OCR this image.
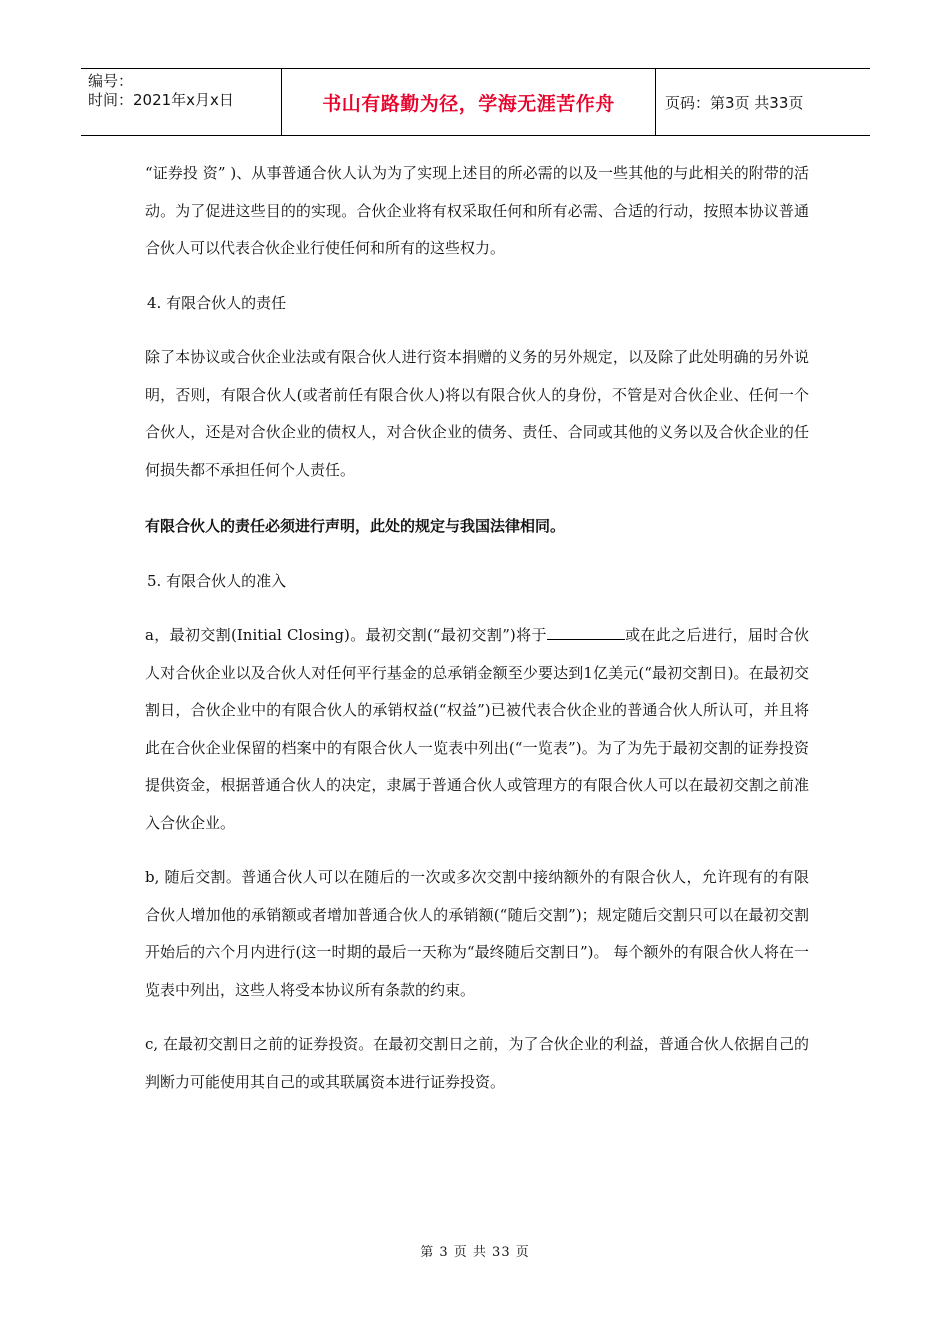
编号：
时间：2021年x月x日	书山有路勤为径，学海无涯苦作舟	页码：第3页 共33页

“证券投 资” )、从事普通合伙人认为为了实现上述目的所必需的以及一些其他的与此相关的附带的活动。为了促进这些目的的实现。合伙企业将有权采取任何和所有必需、合适的行动，按照本协议普通合伙人可以代表合伙企业行使任何和所有的这些权力。

4. 有限合伙人的责任

除了本协议或合伙企业法或有限合伙人进行资本捐赠的义务的另外规定，以及除了此处明确的另外说明，否则，有限合伙人(或者前任有限合伙人)将以有限合伙人的身份，不管是对合伙企业、任何一个合伙人，还是对合伙企业的债权人，对合伙企业的债务、责任、合同或其他的义务以及合伙企业的任何损失都不承担任何个人责任。

有限合伙人的责任必须进行声明，此处的规定与我国法律相同。

5. 有限合伙人的准入

a，最初交割(Initial Closing)。最初交割(“最初交割”)将于	或在此之后进行，届时合伙人对合伙企业以及合伙人对任何平行基金的总承销金额至少要达到1亿美元(“最初交割日)。在最初交割日，合伙企业中的有限合伙人的承销权益(“权益”)已被代表合伙企业的普通合伙人所认可，并且将此在合伙企业保留的档案中的有限合伙人一览表中列出(“一览表”)。为了为先于最初交割的证券投资提供资金，根据普通合伙人的决定，隶属于普通合伙人或管理方的有限合伙人可以在最初交割之前准入合伙企业。

b, 随后交割。普通合伙人可以在随后的一次或多次交割中接纳额外的有限合伙人，允许现有的有限合伙人增加他的承销额或者增加普通合伙人的承销额(“随后交割”)；规定随后交割只可以在最初交割开始后的六个月内进行(这一时期的最后一天称为“最终随后交割日”)。 每个额外的有限合伙人将在一览表中列出，这些人将受本协议所有条款的约束。

c, 在最初交割日之前的证券投资。在最初交割日之前，为了合伙企业的利益，普通合伙人依据自己的判断力可能使用其自己的或其联属资本进行证券投资。

第 3 页 共 33 页
